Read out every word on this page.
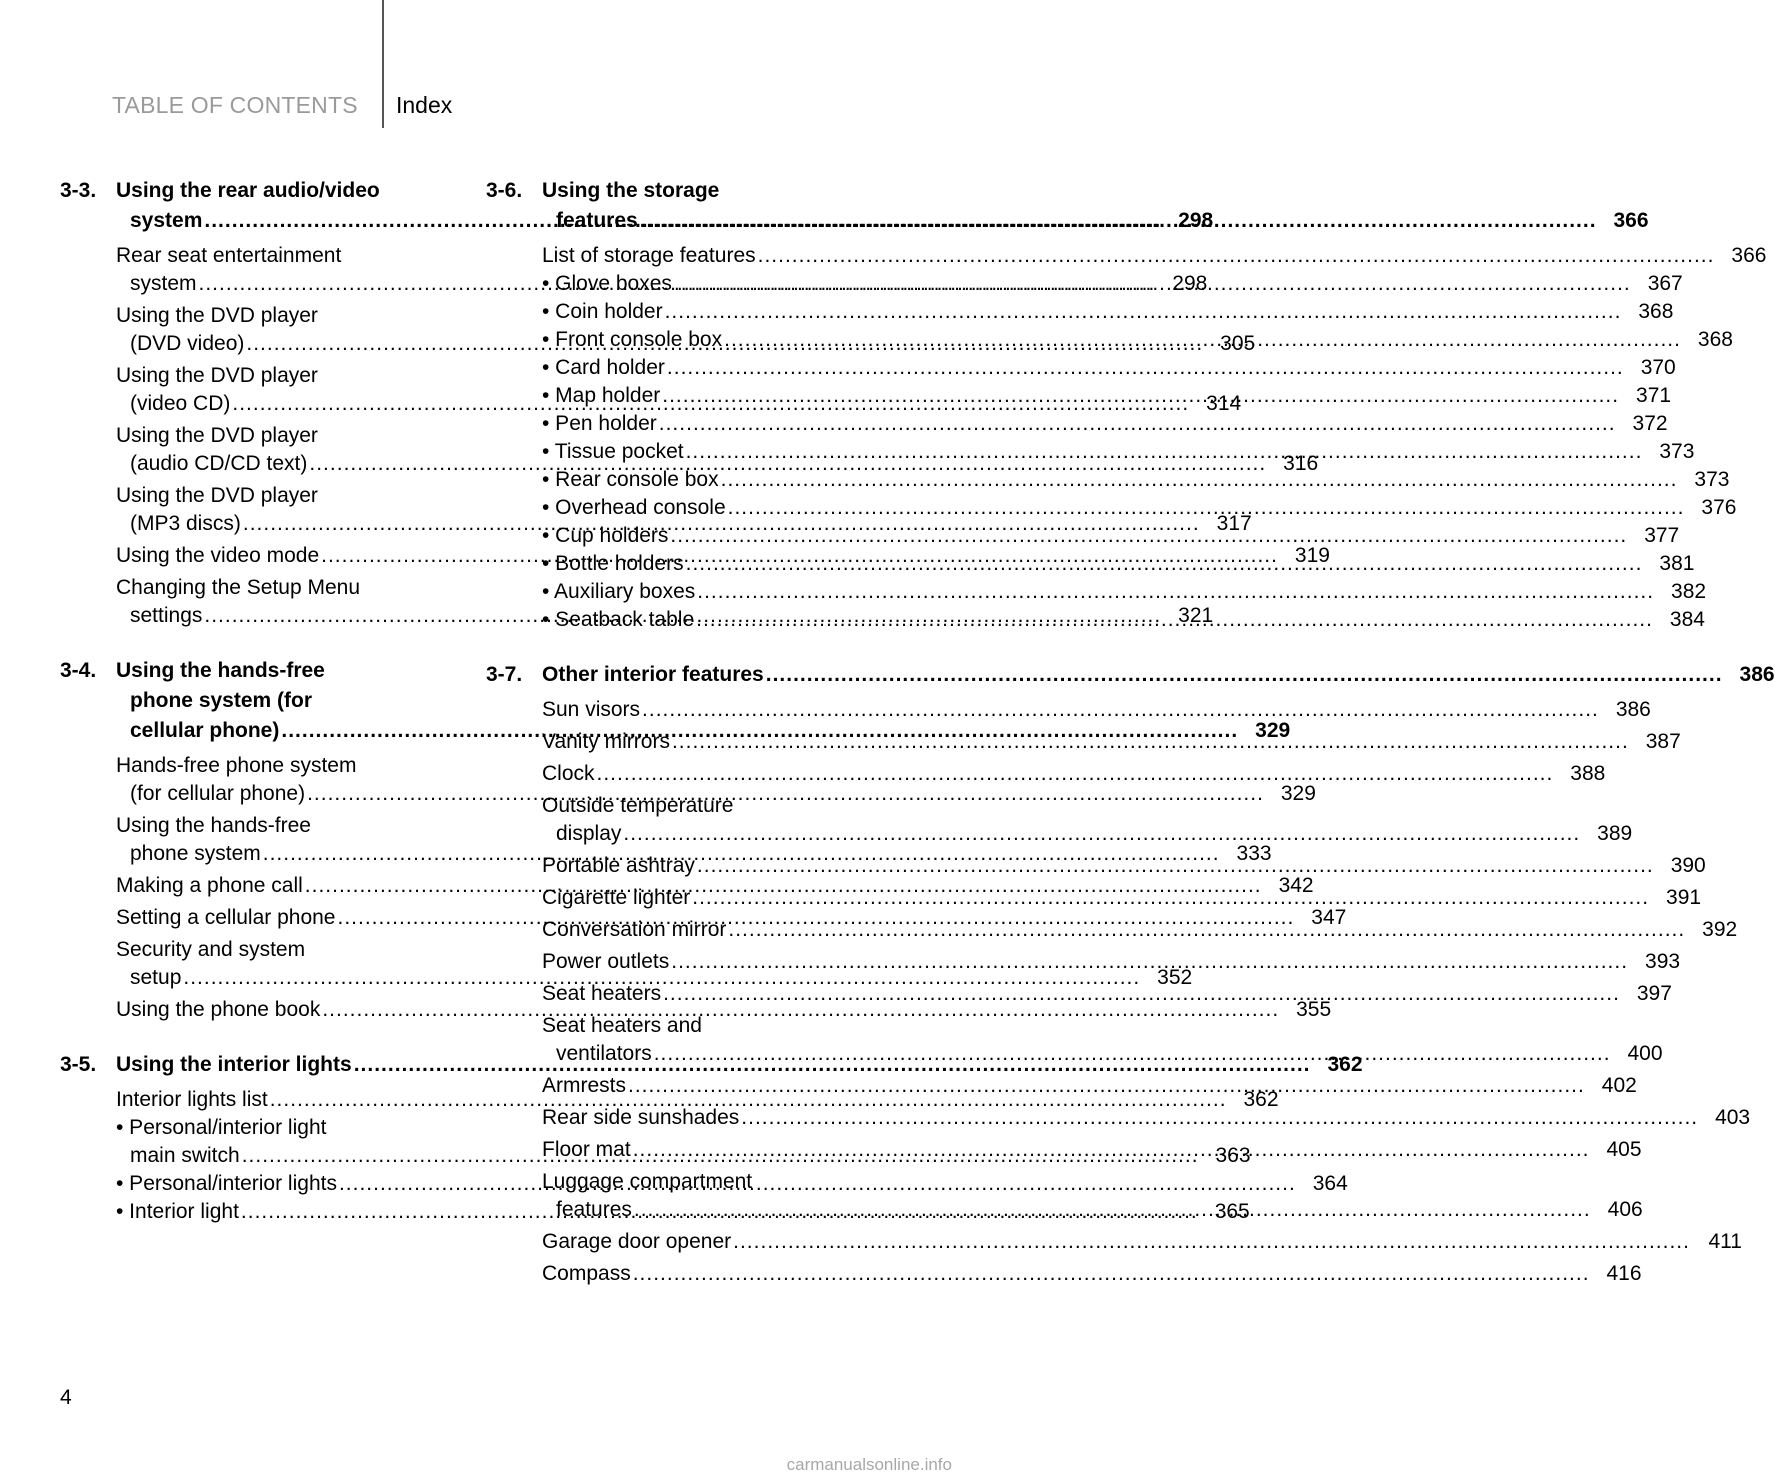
TABLE OF CONTENTS Index
3-3. Using the rear audio/video
system .....	298
Rear seat entertainment
system .....	298
Using the DVD player
(DVD video) .....	305
Using the DVD player
(video CD) .....	314
Using the DVD player
(audio CD/CD text) .....	316
Using the DVD player
(MP3 discs) .....	317
Using the video mode .....	319
Changing the Setup Menu
settings .....	321
3-4. Using the hands-free
phone system (for
cellular phone) .....	329
Hands-free phone system
(for cellular phone) .....	329
Using the hands-free
phone system .....	333
Making a phone call .....	342
Setting a cellular phone .....	347
Security and system
setup .....	352
Using the phone book .....	355
3-5. Using the interior lights .....	362
Interior lights list .....	362
• Personal/interior light
main switch .....	363
• Personal/interior lights .....	364
• Interior light .....	365
3-6. Using the storage
features .....	366
List of storage features .....	366
• Glove boxes .....	367
• Coin holder .....	368
• Front console box .....	368
• Card holder .....	370
• Map holder .....	371
• Pen holder .....	372
• Tissue pocket .....	373
• Rear console box .....	373
• Overhead console .....	376
• Cup holders .....	377
• Bottle holders .....	381
• Auxiliary boxes .....	382
• Seatback table .....	384
3-7. Other interior features .....	386
Sun visors .....	386
Vanity mirrors .....	387
Clock .....	388
Outside temperature
display .....	389
Portable ashtray .....	390
Cigarette lighter .....	391
Conversation mirror .....	392
Power outlets .....	393
Seat heaters .....	397
Seat heaters and
ventilators .....	400
Armrests .....	402
Rear side sunshades .....	403
Floor mat .....	405
Luggage compartment
features .....	406
Garage door opener .....	411
Compass .....	416
4
carmanualsonline.info
